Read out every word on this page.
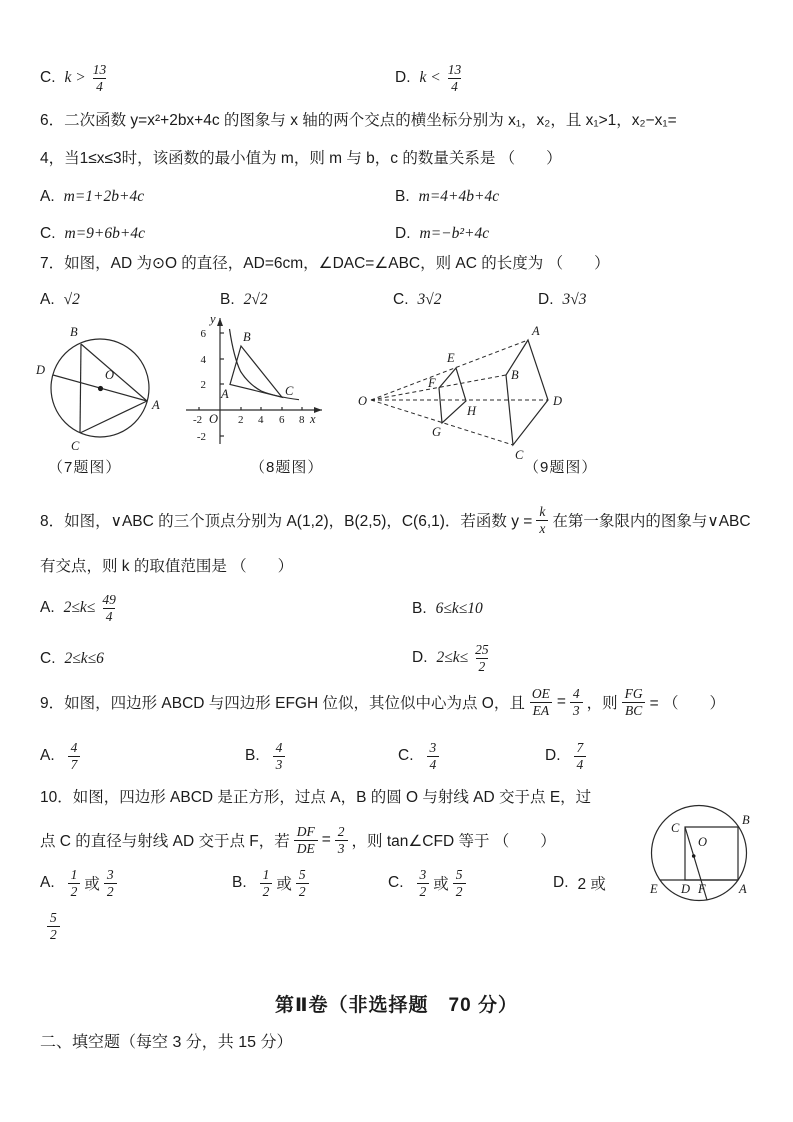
C. $k > \frac{13}{4}$	D. $k < \frac{13}{4}$
6．二次函数 y=x²+2bx+4c 的图象与 x 轴的两个交点的横坐标分别为 x₁，x₂，且 x₁>1，x₂−x₁=
4，当1≤x≤3时，该函数的最小值为 m，则 m 与 b，c 的数量关系是 （　　）
A. m=1+2b+4c	B. m=4+4b+4c
C. m=9+6b+4c	D. m=−b²+4c
7．如图，AD 为⊙O 的直径，AD=6cm，∠DAC=∠ABC，则 AC 的长度为 （　　）
A. √2	B. 2√2	C. 3√2	D. 3√3
B
D	O
A
C
6
4
2
-2
-2	2 4 6 8
O
y
x
A
B
C
O
E
F
G
H
A
B
C
D
（7题图）	（8题图）	（9题图）
8．如图，∨ABC 的三个顶点分别为 A(1,2)，B(2,5)，C(6,1)．若函数 $y = \frac{k}{x}$ 在第一象限内的图象与∨ABC
有交点，则 k 的取值范围是 （　　）
A. $2\le k\le \frac{49}{4}$	B. 6≤k≤10
C. 2≤k≤6	D. $2\le k\le \frac{25}{2}$
9．如图，四边形 ABCD 与四边形 EFGH 位似，其位似中心为点 O，且 $\frac{OE}{EA} = \frac{4}{3}$ ，则 $\frac{FG}{BC}$ = （　　）
A. $\frac{4}{7}$	B. $\frac{4}{3}$	C. $\frac{3}{4}$	D. $\frac{7}{4}$
10．如图，四边形 ABCD 是正方形，过点 A，B 的圆 O 与射线 AD 交于点 E，过
点 C 的直径与射线 AD 交于点 F，若 $\frac{DF}{DE} = \frac{2}{3}$ ，则 tan∠CFD 等于 （　　）
A. $\frac{1}{2}$ 或 $\frac{3}{2}$	B. $\frac{1}{2}$ 或 $\frac{5}{2}$	C. $\frac{3}{2}$ 或 $\frac{5}{2}$	D. 2 或
$\frac{5}{2}$
C
B
O
E D F	A
第Ⅱ卷（非选择题　70 分）
二、填空题（每空 3 分，共 15 分）
